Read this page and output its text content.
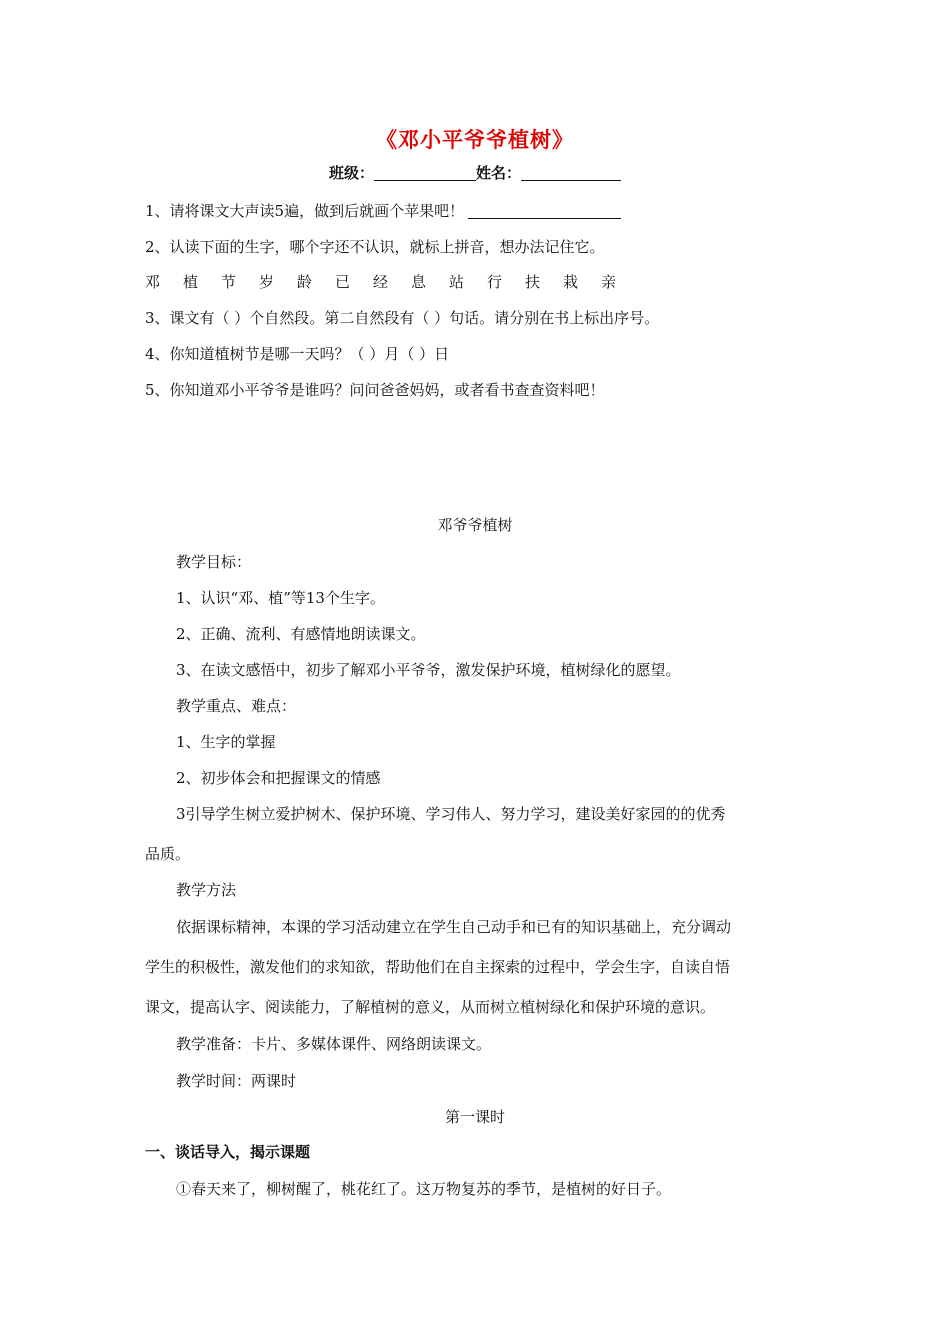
《邓小平爷爷植树》
班级：	姓名：
1、请将课文大声读5遍，做到后就画个苹果吧！
2、认读下面的生字，哪个字还不认识，就标上拼音，想办法记住它。
邓	植	节	岁	龄	已	经	息	站	行	扶	栽	亲
3、课文有（ ）个自然段。第二自然段有（ ）句话。请分别在书上标出序号。
4、你知道植树节是哪一天吗？（ ）月（ ）日
5、你知道邓小平爷爷是谁吗？问问爸爸妈妈，或者看书查查资料吧！
邓爷爷植树
教学目标：
1、认识“邓、植”等13个生字。
2、正确、流利、有感情地朗读课文。
3、在读文感悟中，初步了解邓小平爷爷，激发保护环境，植树绿化的愿望。
教学重点、难点：
1、生字的掌握
2、初步体会和把握课文的情感
3引导学生树立爱护树木、保护环境、学习伟人、努力学习，建设美好家园的的优秀
品质。
教学方法
依据课标精神，本课的学习活动建立在学生自己动手和已有的知识基础上，充分调动
学生的积极性，激发他们的求知欲，帮助他们在自主探索的过程中，学会生字，自读自悟
课文，提高认字、阅读能力，了解植树的意义，从而树立植树绿化和保护环境的意识。
教学准备：卡片、多媒体课件、网络朗读课文。
教学时间：两课时
第一课时
一、谈话导入，揭示课题
①春天来了，柳树醒了，桃花红了。这万物复苏的季节，是植树的好日子。
